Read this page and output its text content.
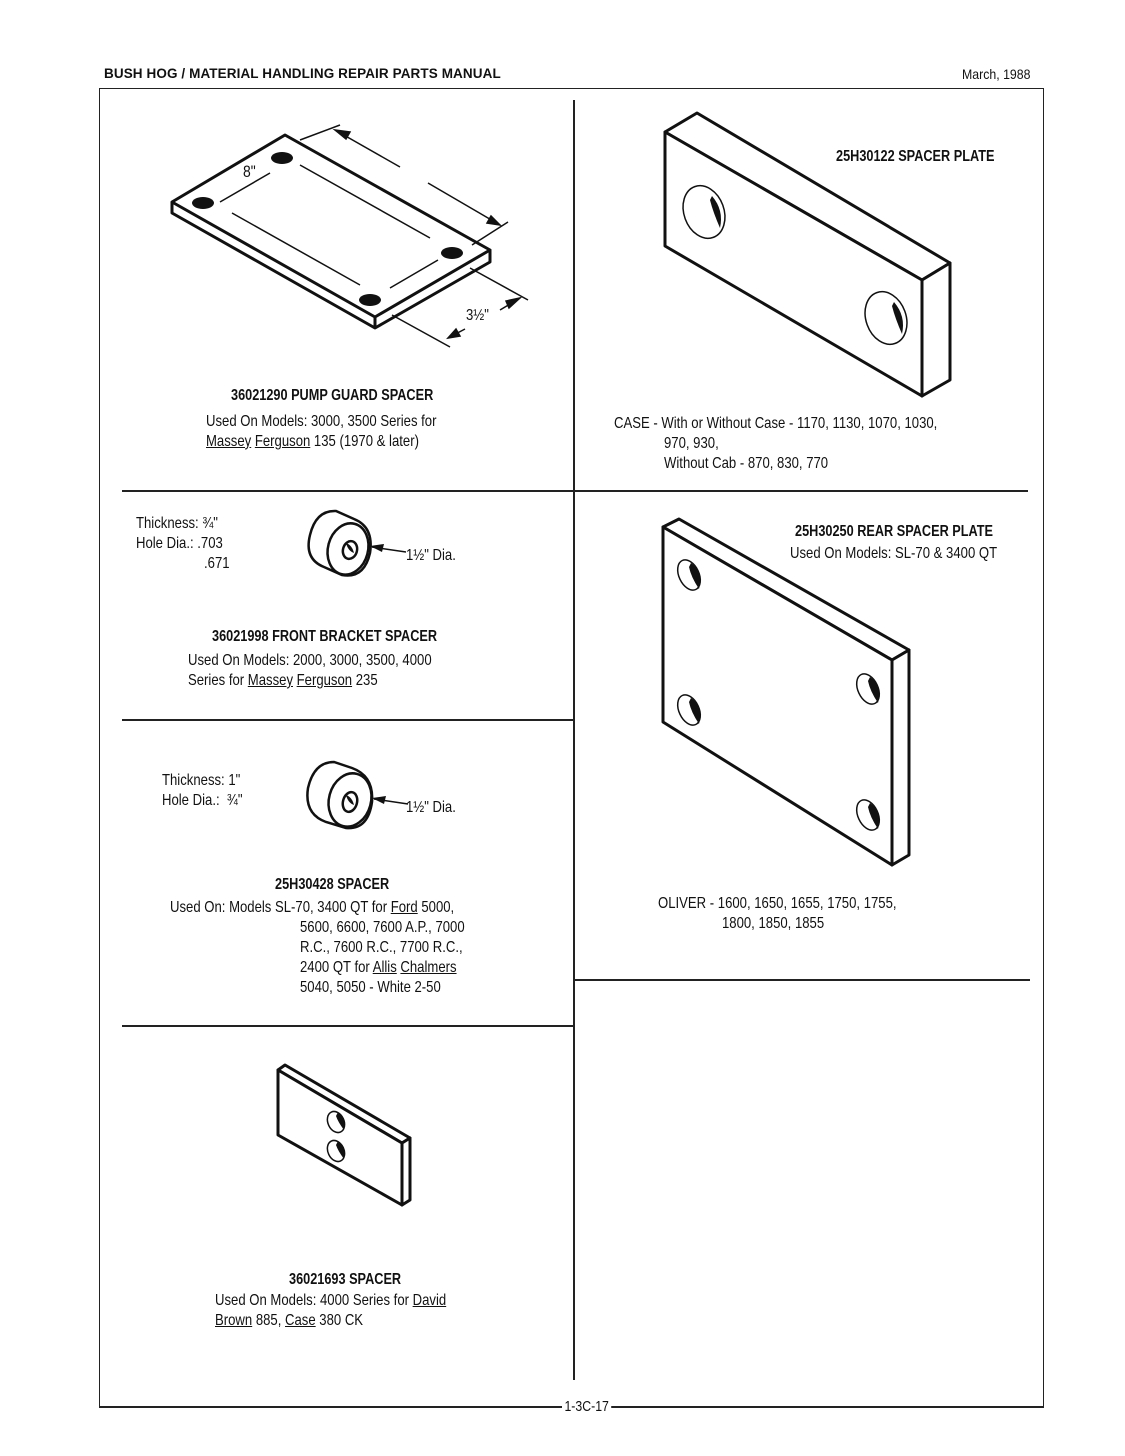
BUSH HOG / MATERIAL HANDLING REPAIR PARTS MANUAL	March, 1988
1-3C-17
8"
3½"
36021290 PUMP GUARD SPACER
Used On Models: 3000, 3500 Series for
Massey Ferguson 135 (1970 & later)
25H30122 SPACER PLATE
CASE - With or Without Case - 1170, 1130, 1070, 1030,
970, 930,
Without Cab - 870, 830, 770
Thickness: ¾"
Hole Dia.: .703
.671	1½" Dia.
36021998 FRONT BRACKET SPACER
Used On Models: 2000, 3000, 3500, 4000
Series for Massey Ferguson 235
25H30250 REAR SPACER PLATE
Used On Models: SL-70 & 3400 QT
OLIVER - 1600, 1650, 1655, 1750, 1755,
1800, 1850, 1855
Thickness: 1"
Hole Dia.:  ¾"	1½" Dia.
25H30428 SPACER
Used On: Models SL-70, 3400 QT for Ford 5000,
5600, 6600, 7600 A.P., 7000
R.C., 7600 R.C., 7700 R.C.,
2400 QT for Allis Chalmers
5040, 5050 - White 2-50
36021693 SPACER
Used On Models: 4000 Series for David
Brown 885, Case 380 CK
